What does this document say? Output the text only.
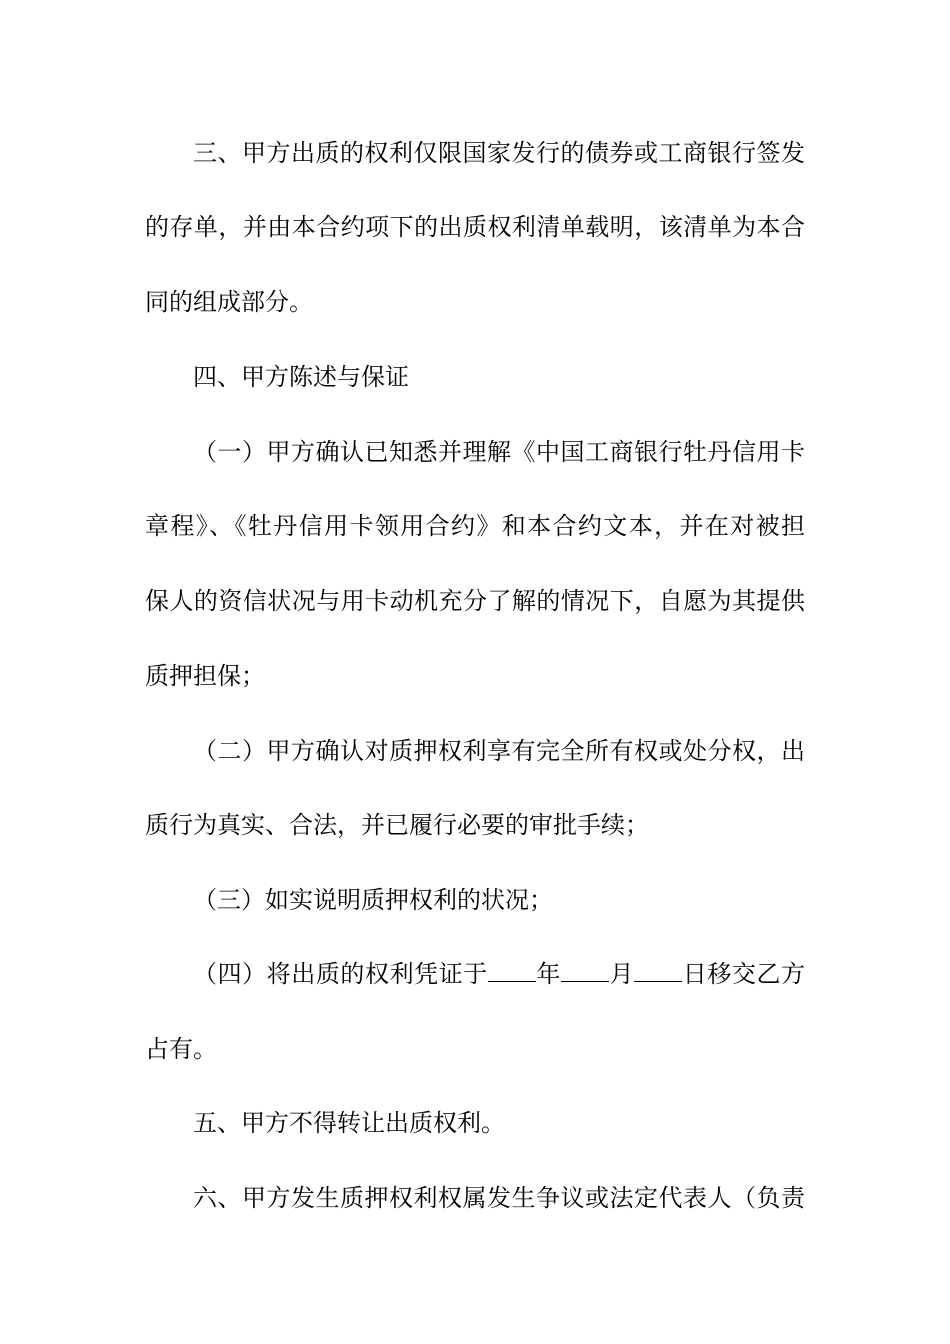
三、甲方出质的权利仅限国家发行的债券或工商银行签发
的存单，并由本合约项下的出质权利清单载明，该清单为本合
同的组成部分。
四、甲方陈述与保证
（一）甲方确认已知悉并理解《中国工商银行牡丹信用卡
章程》、《牡丹信用卡领用合约》和本合约文本，并在对被担
保人的资信状况与用卡动机充分了解的情况下，自愿为其提供
质押担保；
（二）甲方确认对质押权利享有完全所有权或处分权，出
质行为真实、合法，并已履行必要的审批手续；
（三）如实说明质押权利的状况；
（四）将出质的权利凭证于 年 月 日移交乙方
占有。
五、甲方不得转让出质权利。
六、甲方发生质押权利权属发生争议或法定代表人（负责
